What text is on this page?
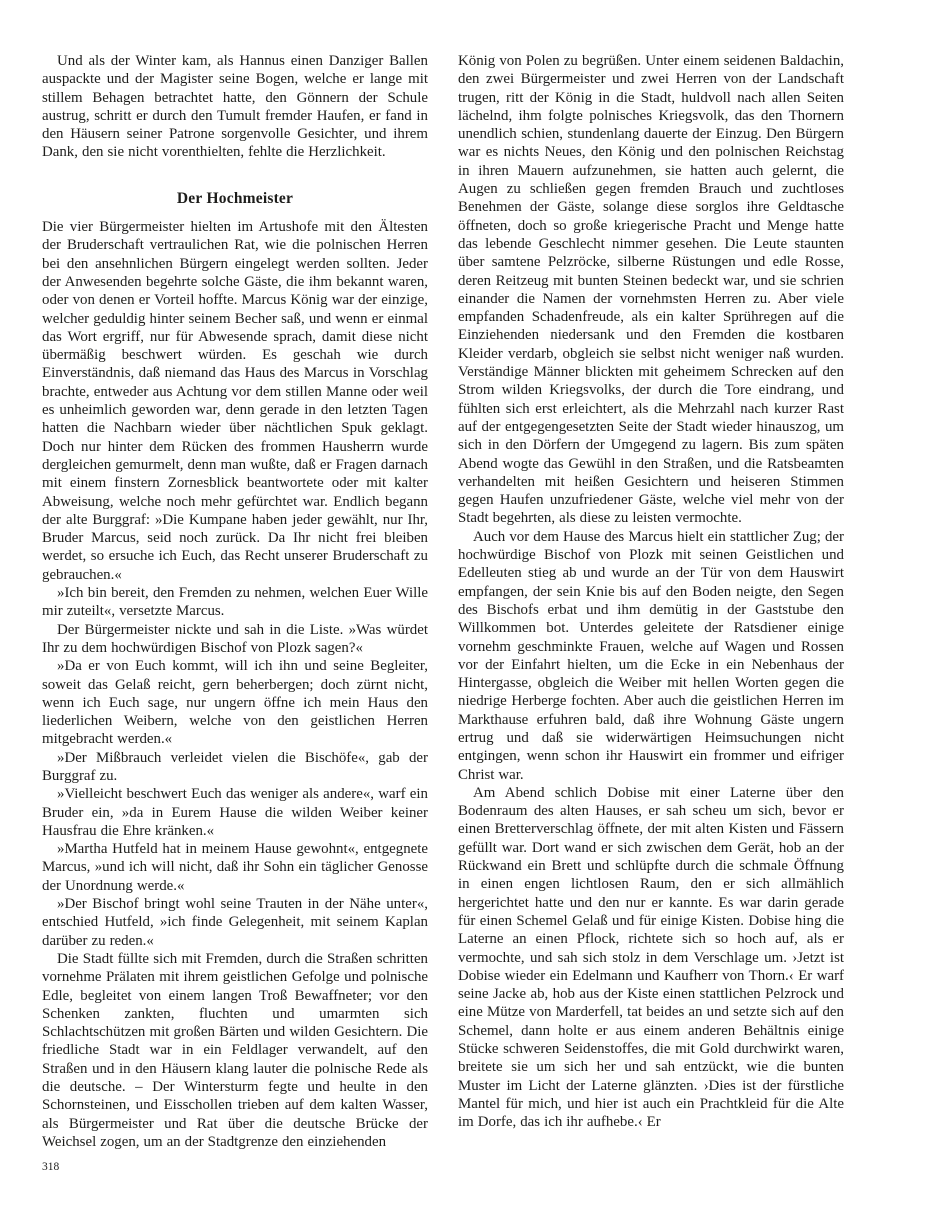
Und als der Winter kam, als Hannus einen Danziger Ballen auspackte und der Magister seine Bogen, welche er lange mit stillem Behagen betrachtet hatte, den Gönnern der Schule austrug, schritt er durch den Tumult fremder Haufen, er fand in den Häusern seiner Patrone sorgenvolle Gesichter, und ihrem Dank, den sie nicht vorenthielten, fehlte die Herzlichkeit.

Der Hochmeister

Die vier Bürgermeister hielten im Artushofe mit den Ältesten der Bruderschaft vertraulichen Rat, wie die polnischen Herren bei den ansehnlichen Bürgern eingelegt werden sollten. Jeder der Anwesenden begehrte solche Gäste, die ihm bekannt waren, oder von denen er Vorteil hoffte. Marcus König war der einzige, welcher geduldig hinter seinem Becher saß, und wenn er einmal das Wort ergriff, nur für Abwesende sprach, damit diese nicht übermäßig beschwert würden. Es geschah wie durch Einverständnis, daß niemand das Haus des Marcus in Vorschlag brachte, entweder aus Achtung vor dem stillen Manne oder weil es unheimlich geworden war, denn gerade in den letzten Tagen hatten die Nachbarn wieder über nächtlichen Spuk geklagt. Doch nur hinter dem Rücken des frommen Hausherrn wurde dergleichen gemurmelt, denn man wußte, daß er Fragen darnach mit einem finstern Zornesblick beantwortete oder mit kalter Abweisung, welche noch mehr gefürchtet war. Endlich begann der alte Burggraf: »Die Kumpane haben jeder gewählt, nur Ihr, Bruder Marcus, seid noch zurück. Da Ihr nicht frei bleiben werdet, so ersuche ich Euch, das Recht unserer Bruderschaft zu gebrauchen.«

»Ich bin bereit, den Fremden zu nehmen, welchen Euer Wille mir zuteilt«, versetzte Marcus.

Der Bürgermeister nickte und sah in die Liste. »Was würdet Ihr zu dem hochwürdigen Bischof von Plozk sagen?«

»Da er von Euch kommt, will ich ihn und seine Begleiter, soweit das Gelaß reicht, gern beherbergen; doch zürnt nicht, wenn ich Euch sage, nur ungern öffne ich mein Haus den liederlichen Weibern, welche von den geistlichen Herren mitgebracht werden.«

»Der Mißbrauch verleidet vielen die Bischöfe«, gab der Burggraf zu.

»Vielleicht beschwert Euch das weniger als andere«, warf ein Bruder ein, »da in Eurem Hause die wilden Weiber keiner Hausfrau die Ehre kränken.«

»Martha Hutfeld hat in meinem Hause gewohnt«, entgegnete Marcus, »und ich will nicht, daß ihr Sohn ein täglicher Genosse der Unordnung werde.«

»Der Bischof bringt wohl seine Trauten in der Nähe unter«, entschied Hutfeld, »ich finde Gelegenheit, mit seinem Kaplan darüber zu reden.«

Die Stadt füllte sich mit Fremden, durch die Straßen schritten vornehme Prälaten mit ihrem geistlichen Gefolge und polnische Edle, begleitet von einem langen Troß Bewaffneter; vor den Schenken zankten, fluchten und umarmten sich Schlachtschützen mit großen Bärten und wilden Gesichtern. Die friedliche Stadt war in ein Feldlager verwandelt, auf den Straßen und in den Häusern klang lauter die polnische Rede als die deutsche. – Der Wintersturm fegte und heulte in den Schornsteinen, und Eisschollen trieben auf dem kalten Wasser, als Bürgermeister und Rat über die deutsche Brücke der Weichsel zogen, um an der Stadtgrenze den einziehenden

König von Polen zu begrüßen. Unter einem seidenen Baldachin, den zwei Bürgermeister und zwei Herren von der Landschaft trugen, ritt der König in die Stadt, huldvoll nach allen Seiten lächelnd, ihm folgte polnisches Kriegsvolk, das den Thornern unendlich schien, stundenlang dauerte der Einzug. Den Bürgern war es nichts Neues, den König und den polnischen Reichstag in ihren Mauern aufzunehmen, sie hatten auch gelernt, die Augen zu schließen gegen fremden Brauch und zuchtloses Benehmen der Gäste, solange diese sorglos ihre Geldtasche öffneten, doch so große kriegerische Pracht und Menge hatte das lebende Geschlecht nimmer gesehen. Die Leute staunten über samtene Pelzröcke, silberne Rüstungen und edle Rosse, deren Reitzeug mit bunten Steinen bedeckt war, und sie schrien einander die Namen der vornehmsten Herren zu. Aber viele empfanden Schadenfreude, als ein kalter Sprühregen auf die Einziehenden niedersank und den Fremden die kostbaren Kleider verdarb, obgleich sie selbst nicht weniger naß wurden. Verständige Männer blickten mit geheimem Schrecken auf den Strom wilden Kriegsvolks, der durch die Tore eindrang, und fühlten sich erst erleichtert, als die Mehrzahl nach kurzer Rast auf der entgegengesetzten Seite der Stadt wieder hinauszog, um sich in den Dörfern der Umgegend zu lagern. Bis zum späten Abend wogte das Gewühl in den Straßen, und die Ratsbeamten verhandelten mit heißen Gesichtern und heiseren Stimmen gegen Haufen unzufriedener Gäste, welche viel mehr von der Stadt begehrten, als diese zu leisten vermochte.

Auch vor dem Hause des Marcus hielt ein stattlicher Zug; der hochwürdige Bischof von Plozk mit seinen Geistlichen und Edelleuten stieg ab und wurde an der Tür von dem Hauswirt empfangen, der sein Knie bis auf den Boden neigte, den Segen des Bischofs erbat und ihm demütig in der Gaststube den Willkommen bot. Unterdes geleitete der Ratsdiener einige vornehm geschminkte Frauen, welche auf Wagen und Rossen vor der Einfahrt hielten, um die Ecke in ein Nebenhaus der Hintergasse, obgleich die Weiber mit hellen Worten gegen die niedrige Herberge fochten. Aber auch die geistlichen Herren im Markthause erfuhren bald, daß ihre Wohnung Gäste ungern ertrug und daß sie widerwärtigen Heimsuchungen nicht entgingen, wenn schon ihr Hauswirt ein frommer und eifriger Christ war.

Am Abend schlich Dobise mit einer Laterne über den Bodenraum des alten Hauses, er sah scheu um sich, bevor er einen Bretterverschlag öffnete, der mit alten Kisten und Fässern gefüllt war. Dort wand er sich zwischen dem Gerät, hob an der Rückwand ein Brett und schlüpfte durch die schmale Öffnung in einen engen lichtlosen Raum, den er sich allmählich hergerichtet hatte und den nur er kannte. Es war darin gerade für einen Schemel Gelaß und für einige Kisten. Dobise hing die Laterne an einen Pflock, richtete sich so hoch auf, als er vermochte, und sah sich stolz in dem Verschlage um. ›Jetzt ist Dobise wieder ein Edelmann und Kaufherr von Thorn.‹ Er warf seine Jacke ab, hob aus der Kiste einen stattlichen Pelzrock und eine Mütze von Marderfell, tat beides an und setzte sich auf den Schemel, dann holte er aus einem anderen Behältnis einige Stücke schweren Seidenstoffes, die mit Gold durchwirkt waren, breitete sie um sich her und sah entzückt, wie die bunten Muster im Licht der Laterne glänzten. ›Dies ist der fürstliche Mantel für mich, und hier ist auch ein Prachtkleid für die Alte im Dorfe, das ich ihr aufhebe.‹ Er

318
